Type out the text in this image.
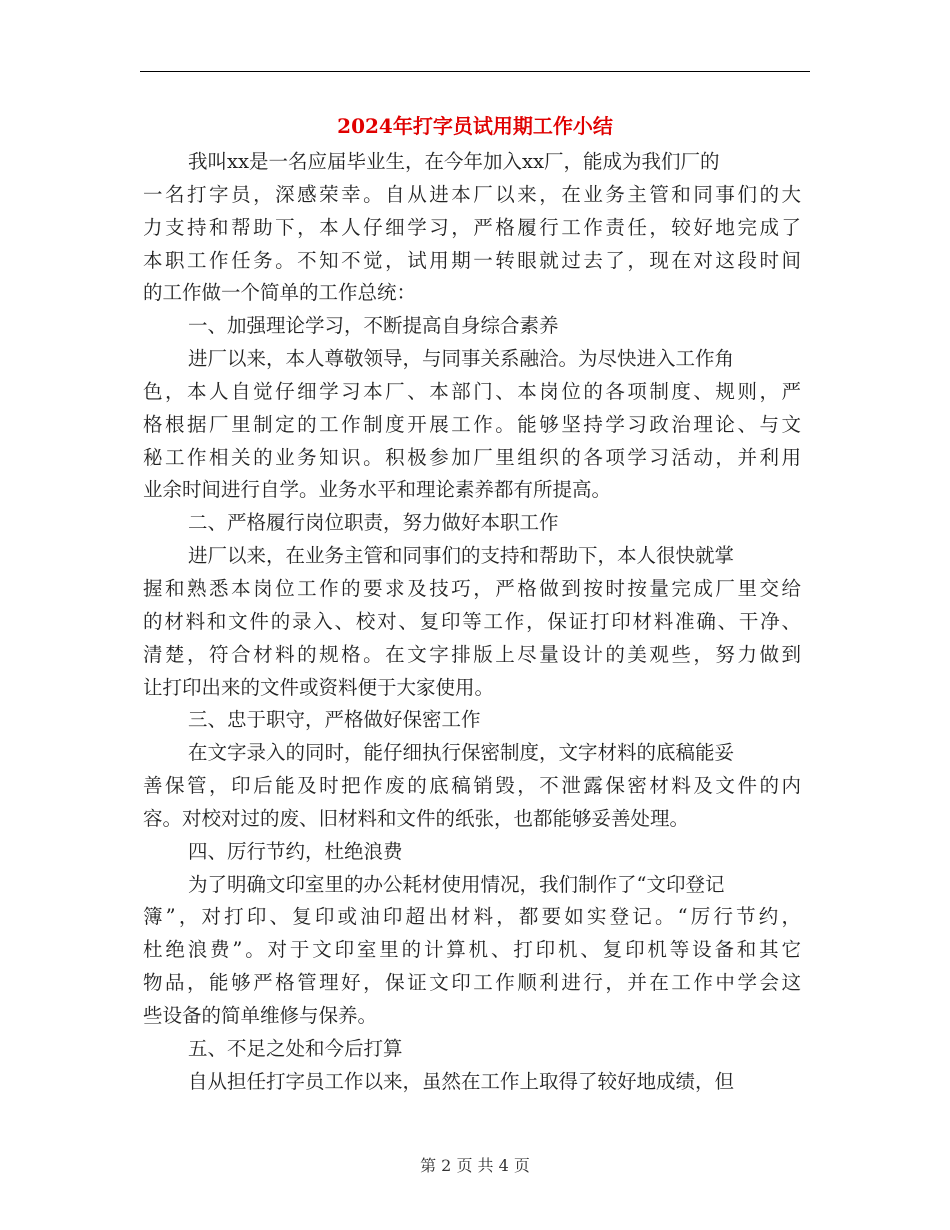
2024年打字员试用期工作小结
我叫xx是一名应届毕业生，在今年加入xx厂，能成为我们厂的
一名打字员，深感荣幸。自从进本厂以来，在业务主管和同事们的大
力支持和帮助下，本人仔细学习，严格履行工作责任，较好地完成了
本职工作任务。不知不觉，试用期一转眼就过去了，现在对这段时间
的工作做一个简单的工作总统：
一、加强理论学习，不断提高自身综合素养
进厂以来，本人尊敬领导，与同事关系融洽。为尽快进入工作角
色，本人自觉仔细学习本厂、本部门、本岗位的各项制度、规则，严
格根据厂里制定的工作制度开展工作。能够坚持学习政治理论、与文
秘工作相关的业务知识。积极参加厂里组织的各项学习活动，并利用
业余时间进行自学。业务水平和理论素养都有所提高。
二、严格履行岗位职责，努力做好本职工作
进厂以来，在业务主管和同事们的支持和帮助下，本人很快就掌
握和熟悉本岗位工作的要求及技巧，严格做到按时按量完成厂里交给
的材料和文件的录入、校对、复印等工作，保证打印材料准确、干净、
清楚，符合材料的规格。在文字排版上尽量设计的美观些，努力做到
让打印出来的文件或资料便于大家使用。
三、忠于职守，严格做好保密工作
在文字录入的同时，能仔细执行保密制度，文字材料的底稿能妥
善保管，印后能及时把作废的底稿销毁，不泄露保密材料及文件的内
容。对校对过的废、旧材料和文件的纸张，也都能够妥善处理。
四、厉行节约，杜绝浪费
为了明确文印室里的办公耗材使用情况，我们制作了“文印登记
簿”，对打印、复印或油印超出材料，都要如实登记。“厉行节约，
杜绝浪费”。对于文印室里的计算机、打印机、复印机等设备和其它
物品，能够严格管理好，保证文印工作顺利进行，并在工作中学会这
些设备的简单维修与保养。
五、不足之处和今后打算
自从担任打字员工作以来，虽然在工作上取得了较好地成绩，但
第 2 页 共 4 页
